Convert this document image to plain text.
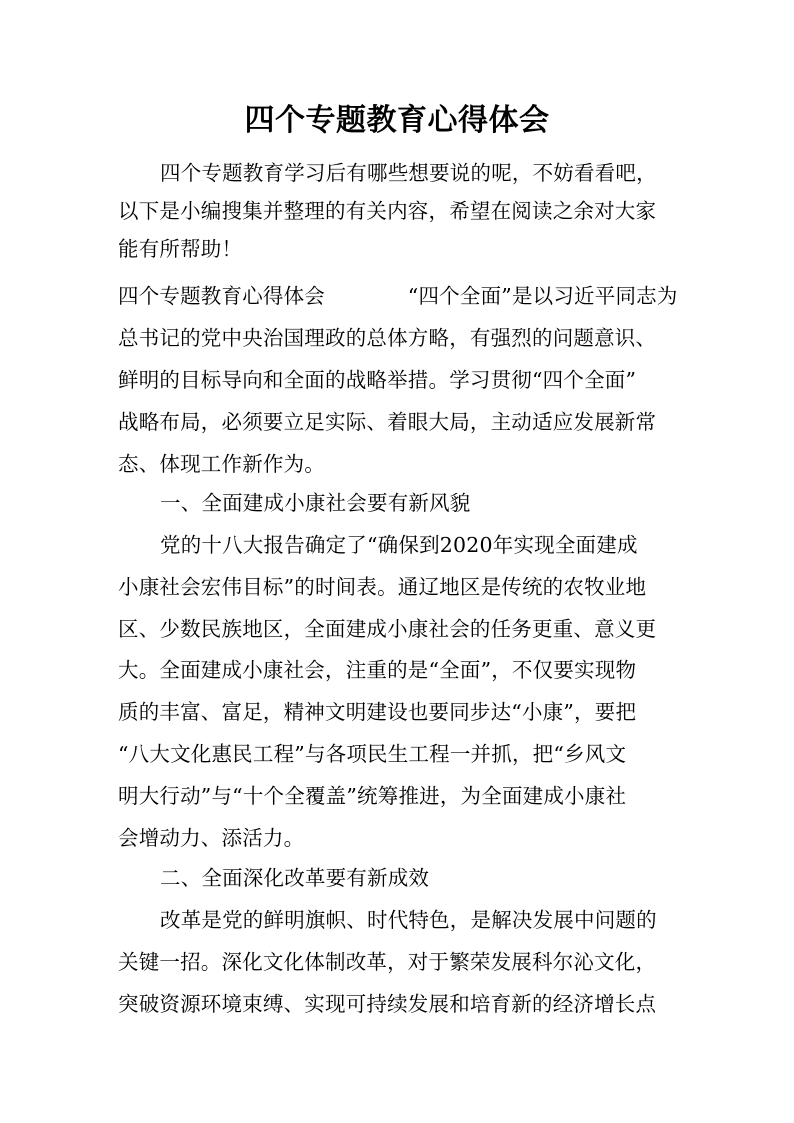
四个专题教育心得体会
四个专题教育学习后有哪些想要说的呢，不妨看看吧，
以下是小编搜集并整理的有关内容，希望在阅读之余对大家
能有所帮助！
四个专题教育心得体会　　　　“四个全面”是以习近平同志为
总书记的党中央治国理政的总体方略，有强烈的问题意识、
鲜明的目标导向和全面的战略举措。学习贯彻“四个全面”
战略布局，必须要立足实际、着眼大局，主动适应发展新常
态、体现工作新作为。
一、全面建成小康社会要有新风貌
党的十八大报告确定了“确保到2020年实现全面建成
小康社会宏伟目标”的时间表。通辽地区是传统的农牧业地
区、少数民族地区，全面建成小康社会的任务更重、意义更
大。全面建成小康社会，注重的是“全面”，不仅要实现物
质的丰富、富足，精神文明建设也要同步达“小康”，要把
“八大文化惠民工程”与各项民生工程一并抓，把“乡风文
明大行动”与“十个全覆盖”统筹推进，为全面建成小康社
会增动力、添活力。
二、全面深化改革要有新成效
改革是党的鲜明旗帜、时代特色，是解决发展中问题的
关键一招。深化文化体制改革，对于繁荣发展科尔沁文化，
突破资源环境束缚、实现可持续发展和培育新的经济增长点
